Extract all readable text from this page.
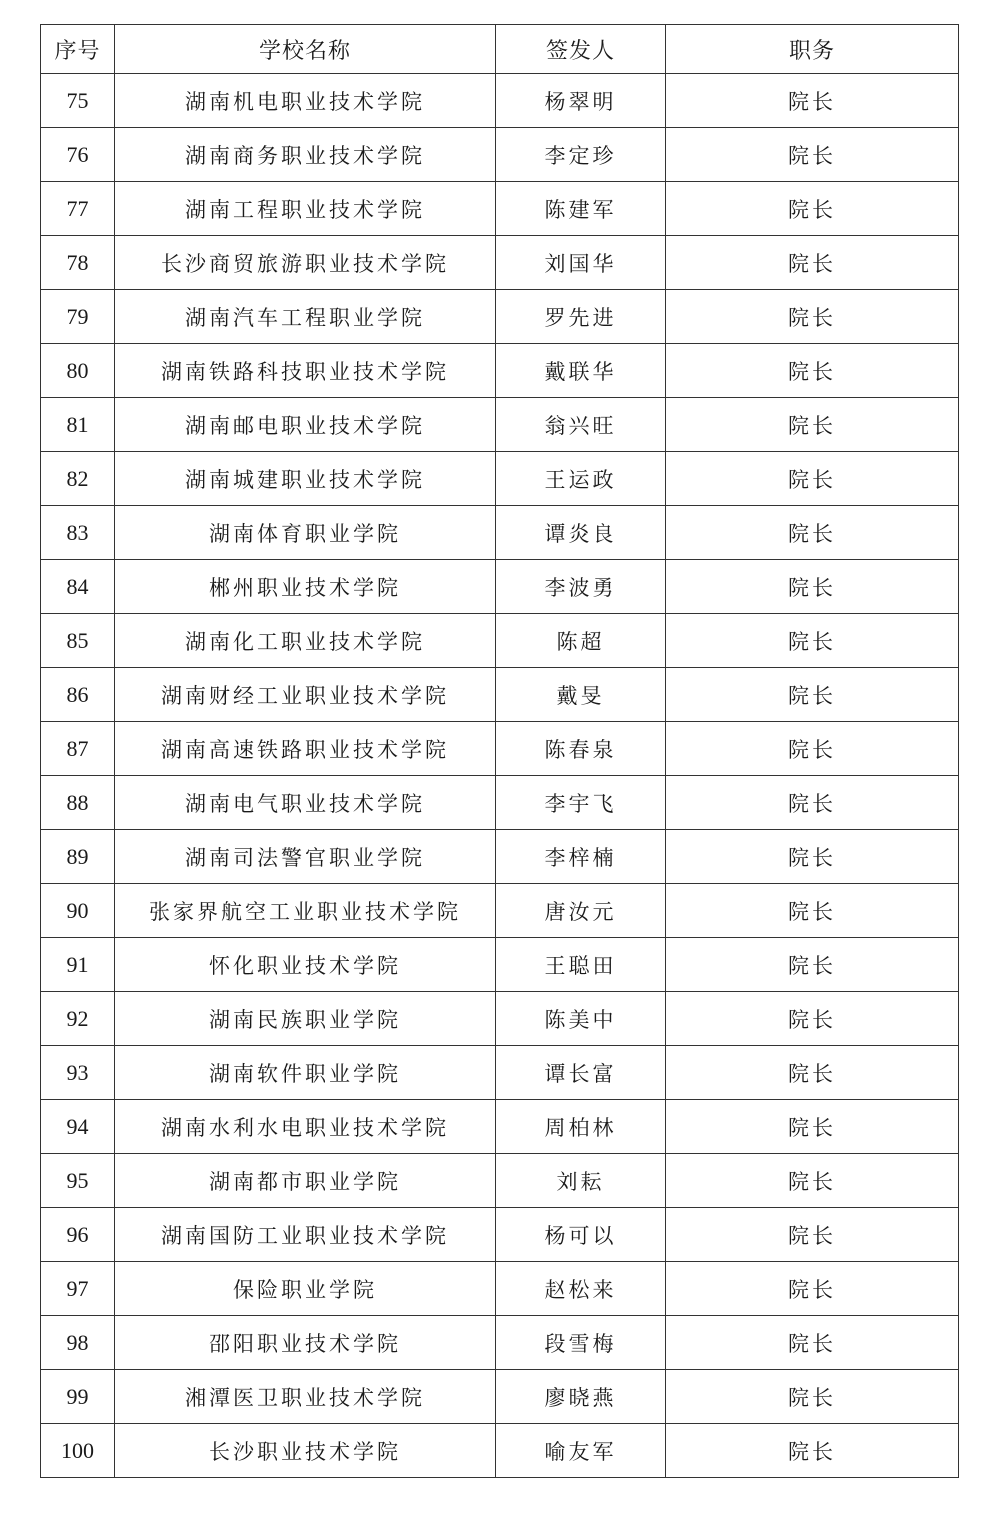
序号	学校名称	签发人	职务
75	湖南机电职业技术学院	杨翠明	院长
76	湖南商务职业技术学院	李定珍	院长
77	湖南工程职业技术学院	陈建军	院长
78	长沙商贸旅游职业技术学院	刘国华	院长
79	湖南汽车工程职业学院	罗先进	院长
80	湖南铁路科技职业技术学院	戴联华	院长
81	湖南邮电职业技术学院	翁兴旺	院长
82	湖南城建职业技术学院	王运政	院长
83	湖南体育职业学院	谭炎良	院长
84	郴州职业技术学院	李波勇	院长
85	湖南化工职业技术学院	陈超	院长
86	湖南财经工业职业技术学院	戴旻	院长
87	湖南高速铁路职业技术学院	陈春泉	院长
88	湖南电气职业技术学院	李宇飞	院长
89	湖南司法警官职业学院	李梓楠	院长
90	张家界航空工业职业技术学院	唐汝元	院长
91	怀化职业技术学院	王聪田	院长
92	湖南民族职业学院	陈美中	院长
93	湖南软件职业学院	谭长富	院长
94	湖南水利水电职业技术学院	周柏林	院长
95	湖南都市职业学院	刘耘	院长
96	湖南国防工业职业技术学院	杨可以	院长
97	保险职业学院	赵松来	院长
98	邵阳职业技术学院	段雪梅	院长
99	湘潭医卫职业技术学院	廖晓燕	院长
100	长沙职业技术学院	喻友军	院长
